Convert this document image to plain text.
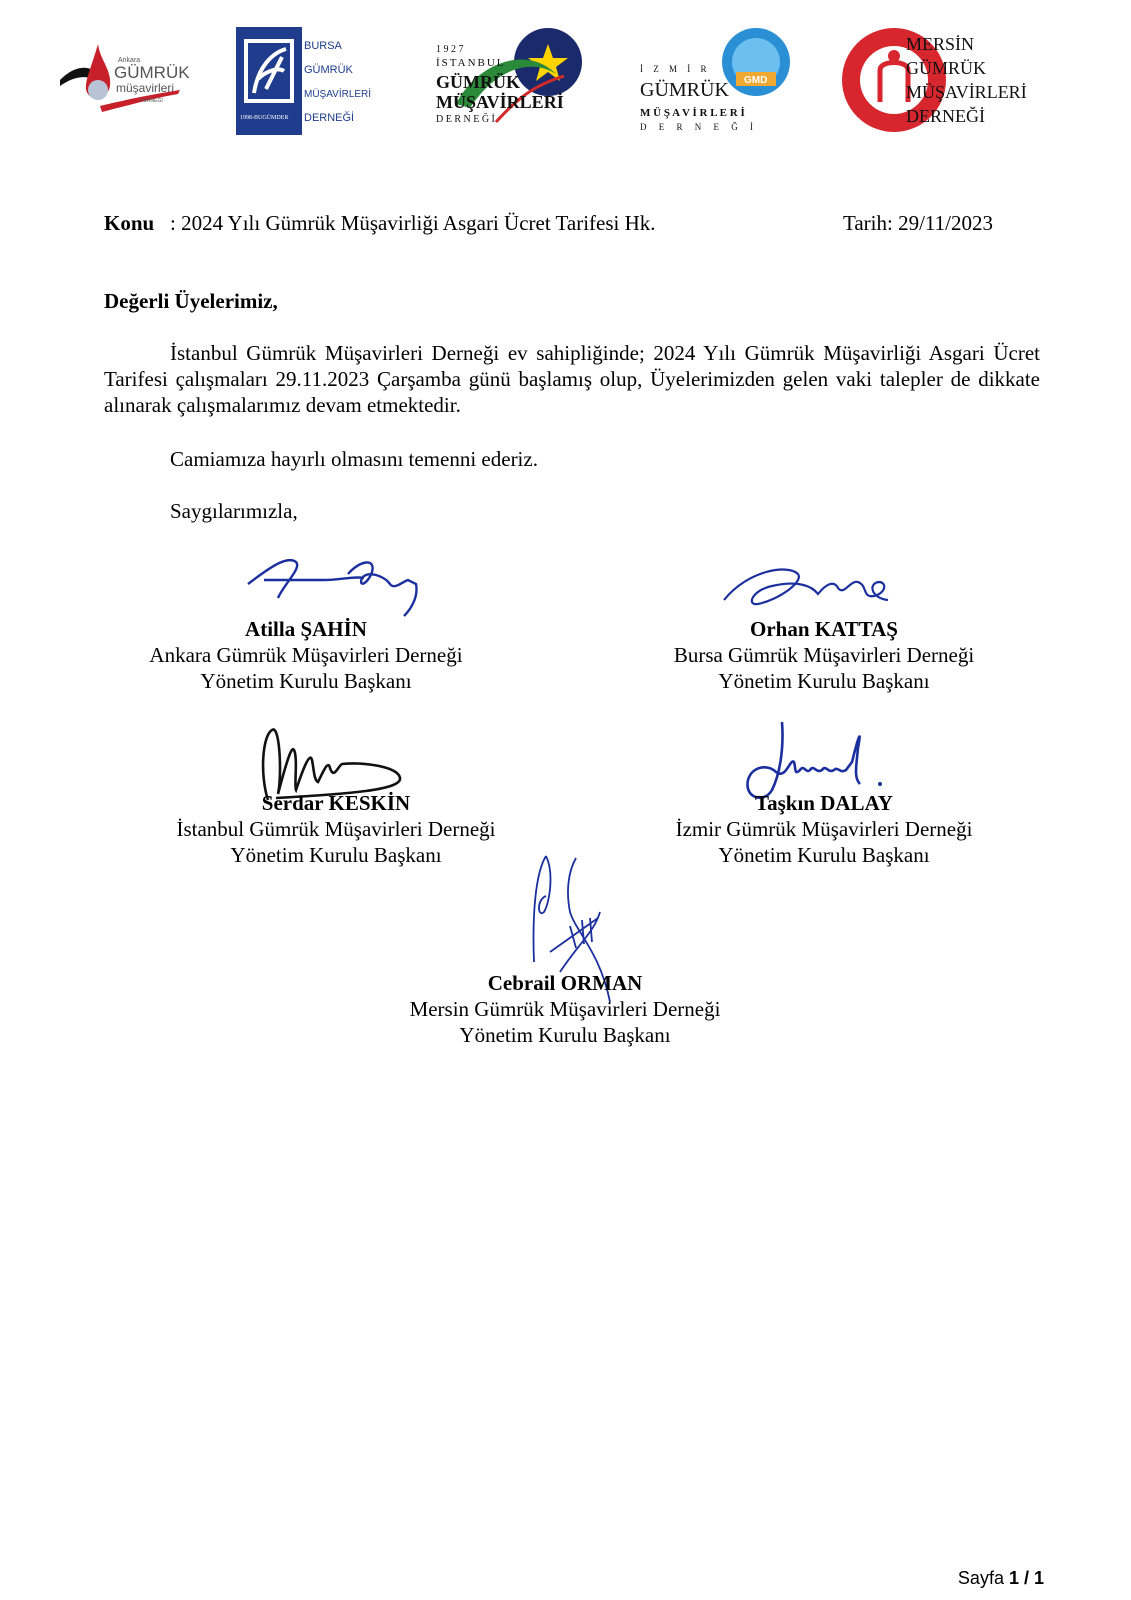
Ankara
GÜMRÜK
müşavirleri
DERNEĞİ
1998-BUGÜMDER
BURSA
GÜMRÜK
MÜŞAVİRLERİ
DERNEĞİ
1 9 2 7
İSTANBUL
GÜMRÜK
MÜŞAVİRLERİ
D E R N E Ğ İ
GMD
İ Z M İ R
GÜMRÜK
M Ü Ş A V İ R L E R İ
D E R N E Ğ İ
MERSİN
GÜMRÜK
MÜŞAVİRLERİ
DERNEĞİ
Konu : 2024 Yılı Gümrük Müşavirliği Asgari Ücret Tarifesi Hk.	Tarih: 29/11/2023
Değerli Üyelerimiz,
İstanbul Gümrük Müşavirleri Derneği ev sahipliğinde; 2024 Yılı Gümrük Müşavirliği Asgari Ücret Tarifesi çalışmaları 29.11.2023 Çarşamba günü başlamış olup, Üyelerimizden gelen vaki talepler de dikkate alınarak çalışmalarımız devam etmektedir.
Camiamıza hayırlı olmasını temenni ederiz.
Saygılarımızla,
Atilla ŞAHİN
Ankara Gümrük Müşavirleri Derneği
Yönetim Kurulu Başkanı
Orhan KATTAŞ
Bursa Gümrük Müşavirleri Derneği
Yönetim Kurulu Başkanı
Serdar KESKİN
İstanbul Gümrük Müşavirleri Derneği
Yönetim Kurulu Başkanı
Taşkın DALAY
İzmir Gümrük Müşavirleri Derneği
Yönetim Kurulu Başkanı
Cebrail ORMAN
Mersin Gümrük Müşavirleri Derneği
Yönetim Kurulu Başkanı
Sayfa 1 / 1
